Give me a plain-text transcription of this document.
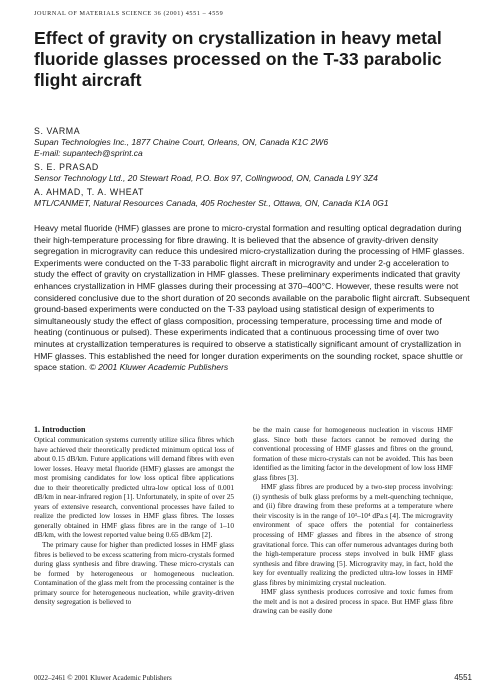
JOURNAL OF MATERIALS SCIENCE 36 (2001) 4551 – 4559
Effect of gravity on crystallization in heavy metal fluoride glasses processed on the T-33 parabolic flight aircraft
S. VARMA
Supan Technologies Inc., 1877 Chaine Court, Orleans, ON, Canada K1C 2W6
E-mail: supantech@sprint.ca
S. E. PRASAD
Sensor Technology Ltd., 20 Stewart Road, P.O. Box 97, Collingwood, ON, Canada L9Y 3Z4
A. AHMAD, T. A. WHEAT
MTL/CANMET, Natural Resources Canada, 405 Rochester St., Ottawa, ON, Canada K1A 0G1

Heavy metal fluoride (HMF) glasses are prone to micro-crystal formation and resulting optical degradation during their high-temperature processing for fibre drawing. It is believed that the absence of gravity-driven density segregation in microgravity can reduce this undesired micro-crystallization during the processing of HMF glasses. Experiments were conducted on the T-33 parabolic flight aircraft in microgravity and under 2-g acceleration to study the effect of gravity on crystallization in HMF glasses. These preliminary experiments indicated that gravity enhances crystallization in HMF glasses during their processing at 370–400°C. However, these results were not considered conclusive due to the short duration of 20 seconds available on the parabolic flight aircraft. Subsequent ground-based experiments were conducted on the T-33 payload using statistical design of experiments to simultaneously study the effect of glass composition, processing temperature, processing time and mode of heating (continuous or pulsed). These experiments indicated that a continuous processing time of over two minutes at crystallization temperatures is required to observe a statistically significant amount of crystallization in HMF glasses. This established the need for longer duration experiments on the sounding rocket, space shuttle or space station. © 2001 Kluwer Academic Publishers

1. Introduction

Optical communication systems currently utilize silica fibres which have achieved their theoretically predicted minimum optical loss of about 0.15 dB/km. Future applications will demand fibres with even lower losses. Heavy metal fluoride (HMF) glasses are amongst the most promising candidates for low loss optical fibre applications due to their theoretically predicted ultra-low optical loss of 0.001 dB/km in near-infrared region [1]. Unfortunately, in spite of over 25 years of extensive research, conventional processes have failed to realize the predicted low losses in HMF glass fibres. The losses generally obtained in HMF glass fibres are in the range of 1–10 dB/km, with the lowest reported value being 0.65 dB/km [2].

The primary cause for higher than predicted losses in HMF glass fibres is believed to be excess scattering from micro-crystals formed during glass synthesis and fibre drawing. These micro-crystals can be formed by heterogeneous or homogeneous nucleation. Contamination of the glass melt from the processing container is the primary source for heterogeneous nucleation, while gravity-driven density segregation is believed to

be the main cause for homogeneous nucleation in viscous HMF glass. Since both these factors cannot be removed during the conventional processing of HMF glasses and fibres on the ground, formation of these micro-crystals can not be avoided. This has been identified as the limiting factor in the development of low loss HMF glass fibres [3].

HMF glass fibres are produced by a two-step process involving: (i) synthesis of bulk glass preforms by a melt-quenching technique, and (ii) fibre drawing from these preforms at a temperature where their viscosity is in the range of 10³–10⁴ dPa.s [4]. The microgravity environment of space offers the potential for containerless processing of HMF glasses and fibres in the absence of strong gravitational force. This can offer numerous advantages during both the high-temperature process steps involved in bulk HMF glass synthesis and fibre drawing [5]. Microgravity may, in fact, hold the key for eventually realizing the predicted ultra-low losses in HMF glass fibres by minimizing crystal nucleation.

HMF glass synthesis produces corrosive and toxic fumes from the melt and is not a desired process in space. But HMF glass fibre drawing can be easily done

0022–2461 © 2001 Kluwer Academic Publishers	4551
